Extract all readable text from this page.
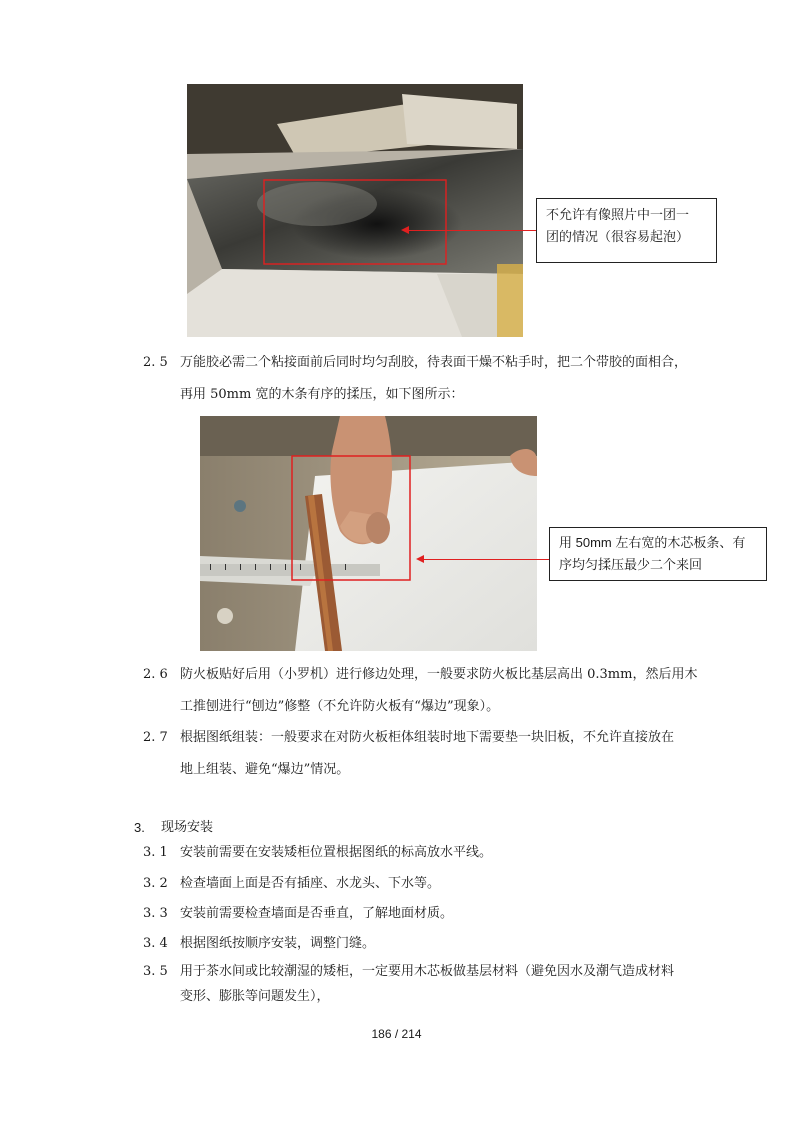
不允许有像照片中一团一
团的情况（很容易起泡）
2. 5 万能胶必需二个粘接面前后同时均匀刮胶，待表面干燥不粘手时，把二个带胶的面相合，
再用 50mm 宽的木条有序的揉压，如下图所示：
用 50mm 左右宽的木芯板条、有
序均匀揉压最少二个来回
2. 6 防火板贴好后用（小罗机）进行修边处理，一般要求防火板比基层高出 0.3mm，然后用木
工推刨进行“刨边”修整（不允许防火板有“爆边”现象）。
2. 7 根据图纸组装：一般要求在对防火板柜体组装时地下需要垫一块旧板，不允许直接放在
地上组装、避免“爆边”情况。
3. 现场安装
3. 1 安装前需要在安装矮柜位置根据图纸的标高放水平线。
3. 2 检查墙面上面是否有插座、水龙头、下水等。
3. 3 安装前需要检查墙面是否垂直，了解地面材质。
3. 4 根据图纸按顺序安装，调整门缝。
3. 5 用于茶水间或比较潮湿的矮柜，一定要用木芯板做基层材料（避免因水及潮气造成材料
变形、膨胀等问题发生），
186 / 214
